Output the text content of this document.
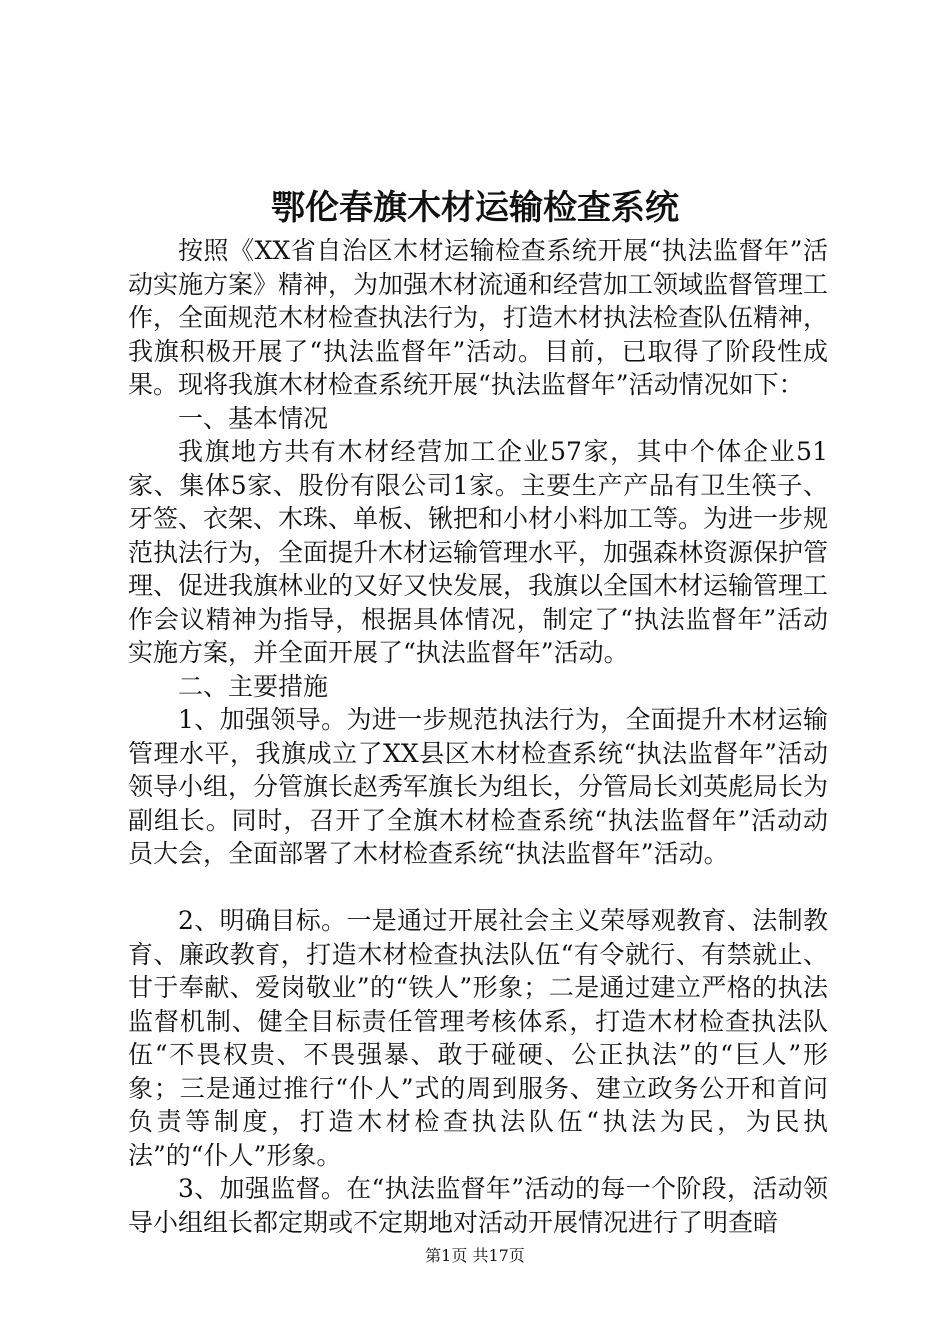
鄂伦春旗木材运输检查系统

按照《XX省自治区木材运输检查系统开展“执法监督年”活动实施方案》精神，为加强木材流通和经营加工领域监督管理工作，全面规范木材检查执法行为，打造木材执法检查队伍精神，我旗积极开展了“执法监督年”活动。目前，已取得了阶段性成果。现将我旗木材检查系统开展“执法监督年”活动情况如下：

一、基本情况

我旗地方共有木材经营加工企业57家，其中个体企业51家、集体5家、股份有限公司1家。主要生产产品有卫生筷子、牙签、衣架、木珠、单板、锹把和小材小料加工等。为进一步规范执法行为，全面提升木材运输管理水平，加强森林资源保护管理、促进我旗林业的又好又快发展，我旗以全国木材运输管理工作会议精神为指导，根据具体情况，制定了“执法监督年”活动实施方案，并全面开展了“执法监督年”活动。

二、主要措施

1、加强领导。为进一步规范执法行为，全面提升木材运输管理水平，我旗成立了XX县区木材检查系统“执法监督年”活动领导小组，分管旗长赵秀军旗长为组长，分管局长刘英彪局长为副组长。同时，召开了全旗木材检查系统“执法监督年”活动动员大会，全面部署了木材检查系统“执法监督年”活动。

2、明确目标。一是通过开展社会主义荣辱观教育、法制教育、廉政教育，打造木材检查执法队伍“有令就行、有禁就止、甘于奉献、爱岗敬业”的“铁人”形象；二是通过建立严格的执法监督机制、健全目标责任管理考核体系，打造木材检查执法队伍“不畏权贵、不畏强暴、敢于碰硬、公正执法”的“巨人”形象；三是通过推行“仆人”式的周到服务、建立政务公开和首问负责等制度，打造木材检查执法队伍“执法为民，为民执法”的“仆人”形象。

3、加强监督。在“执法监督年”活动的每一个阶段，活动领导小组组长都定期或不定期地对活动开展情况进行了明查暗

第1页 共17页
